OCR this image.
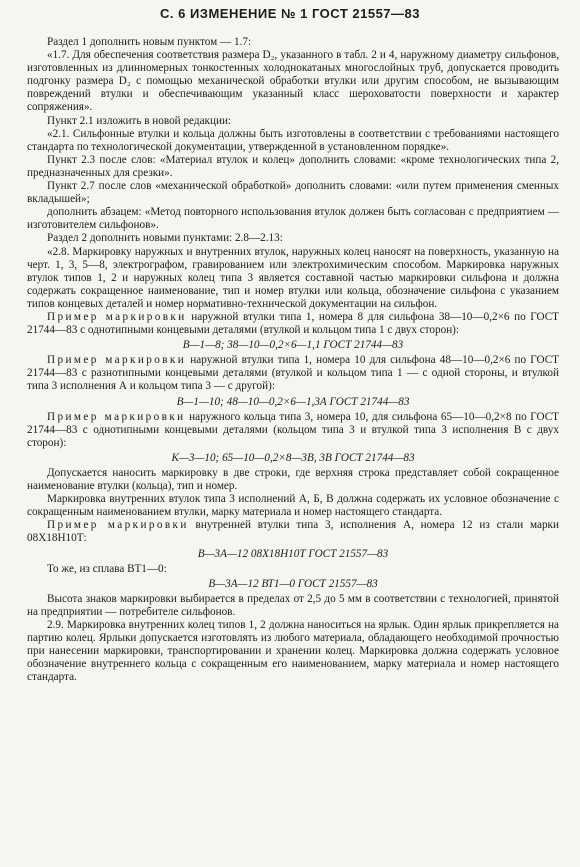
С. 6 ИЗМЕНЕНИЕ № 1 ГОСТ 21557—83

Раздел 1 дополнить новым пунктом — 1.7:

«1.7. Для обеспечения соответствия размера D₂, указанного в табл. 2 и 4, наружному диаметру сильфонов, изготовленных из длинномерных тонкостенных холоднокатаных многослойных труб, допускается проводить подгонку размера D₂ с помощью механической обработки втулки или другим способом, не вызывающим повреждений втулки и обеспечивающим указанный класс шероховатости поверхности и характер сопряжения».

Пункт 2.1 изложить в новой редакции:

«2.1. Сильфонные втулки и кольца должны быть изготовлены в соответствии с требованиями настоящего стандарта по технологической документации, утвержденной в установленном порядке».

Пункт 2.3 после слов: «Материал втулок и колец» дополнить словами: «кроме технологических типа 2, предназначенных для срезки».

Пункт 2.7 после слов «механической обработкой» дополнить словами: «или путем применения сменных вкладышей»;

дополнить абзацем: «Метод повторного использования втулок должен быть согласован с предприятием — изготовителем сильфонов».

Раздел 2 дополнить новыми пунктами: 2.8—2.13:

«2.8. Маркировку наружных и внутренних втулок, наружных колец наносят на поверхность, указанную на черт. 1, 3, 5—8, электрографом, гравированием или электрохимическим способом. Маркировка наружных втулок типов 1, 2 и наружных колец типа 3 является составной частью маркировки сильфона и должна содержать сокращенное наименование, тип и номер втулки или кольца, обозначение сильфона с указанием типов концевых деталей и номер нормативно-технической документации на сильфон.

Пример маркировки наружной втулки типа 1, номера 8 для сильфона 38—10—0,2×6 по ГОСТ 21744—83 с однотипными концевыми деталями (втулкой и кольцом типа 1 с двух сторон):

В—1—8; 38—10—0,2×6—1,1 ГОСТ 21744—83

Пример маркировки наружной втулки типа 1, номера 10 для сильфона 48—10—0,2×6 по ГОСТ 21744—83 с разнотипными концевыми деталями (втулкой и кольцом типа 1 — с одной стороны, и втулкой типа 3 исполнения А и кольцом типа 3 — с другой):

В—1—10; 48—10—0,2×6—1,3А ГОСТ 21744—83

Пример маркировки наружного кольца типа 3, номера 10, для сильфона 65—10—0,2×8 по ГОСТ 21744—83 с однотипными концевыми деталями (кольцом типа 3 и втулкой типа 3 исполнения В с двух сторон):

К—3—10; 65—10—0,2×8—3В, 3В ГОСТ 21744—83

Допускается наносить маркировку в две строки, где верхняя строка представляет собой сокращенное наименование втулки (кольца), тип и номер.

Маркировка внутренних втулок типа 3 исполнений А, Б, В должна содержать их условное обозначение с сокращенным наименованием втулки, марку материала и номер настоящего стандарта.

Пример маркировки внутренней втулки типа 3, исполнения А, номера 12 из стали марки 08Х18Н10Т:

В—3А—12 08Х18Н10Т ГОСТ 21557—83

То же, из сплава ВТ1—0:

В—3А—12 ВТ1—0 ГОСТ 21557—83

Высота знаков маркировки выбирается в пределах от 2,5 до 5 мм в соответствии с технологией, принятой на предприятии — потребителе сильфонов.

2.9. Маркировка внутренних колец типов 1, 2 должна наноситься на ярлык. Один ярлык прикрепляется на партию колец. Ярлыки допускается изготовлять из любого материала, обладающего необходимой прочностью при нанесении маркировки, транспортировании и хранении колец. Маркировка должна содержать условное обозначение внутреннего кольца с сокращенным его наименованием, марку материала и номер настоящего стандарта.
